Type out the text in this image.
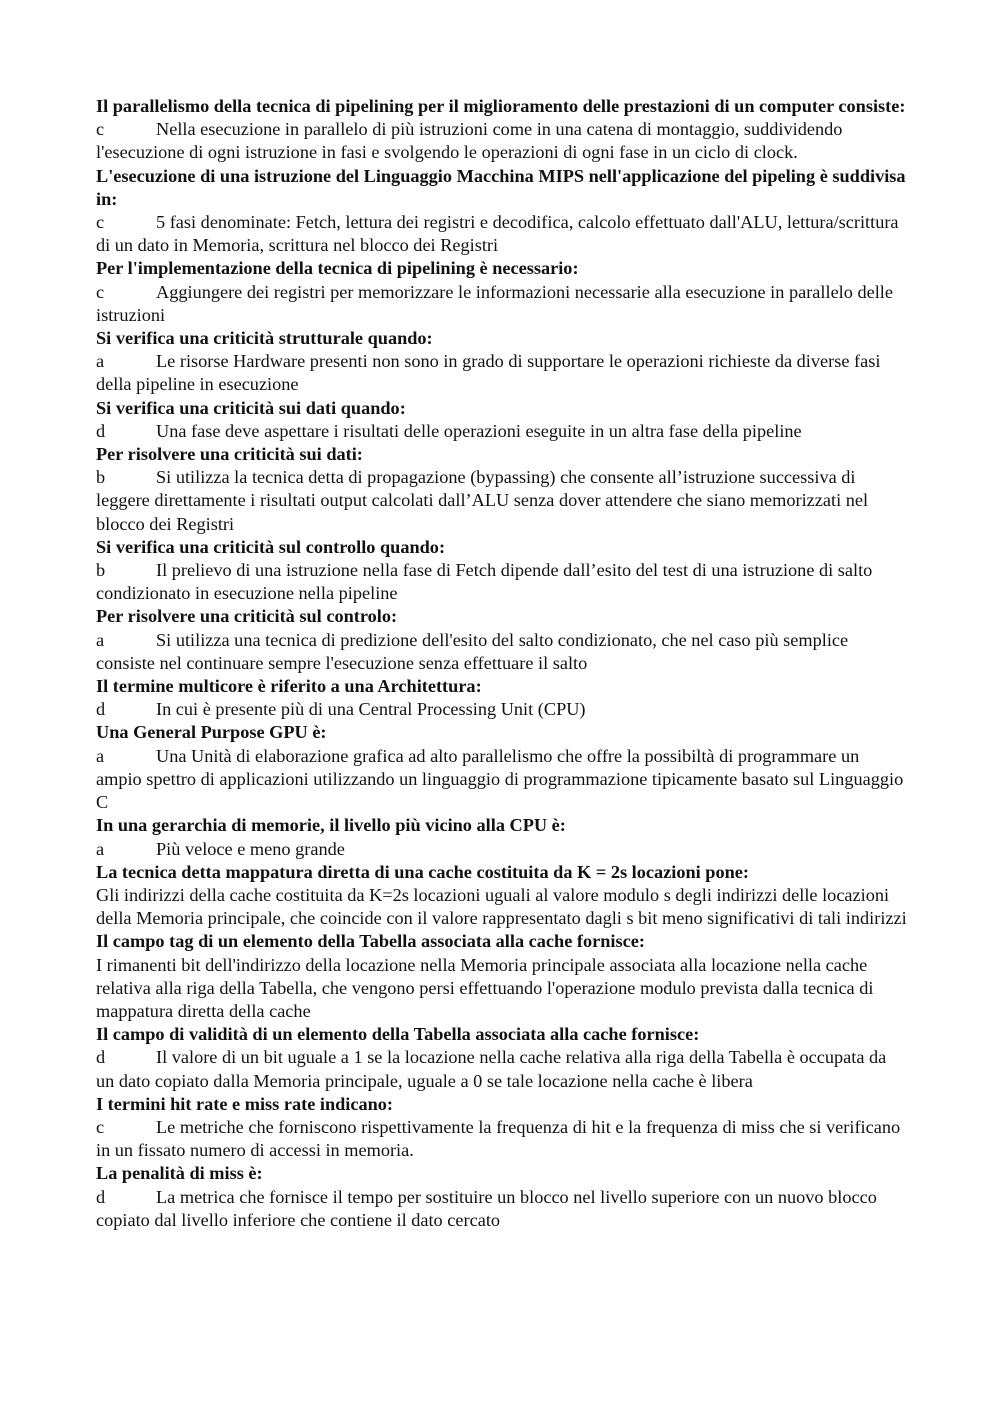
Il parallelismo della tecnica di pipelining per il miglioramento delle prestazioni di un computer consiste:

c	Nella esecuzione in parallelo di più istruzioni come in una catena di montaggio, suddividendo l'esecuzione di ogni istruzione in fasi e svolgendo le operazioni di ogni fase in un ciclo di clock.

L'esecuzione di una istruzione del Linguaggio Macchina MIPS nell'applicazione del pipeling è suddivisa in:

c	5 fasi denominate: Fetch, lettura dei registri e decodifica, calcolo effettuato dall'ALU, lettura/scrittura di un dato in Memoria, scrittura nel blocco dei Registri

Per l'implementazione della tecnica di pipelining è necessario:

c	Aggiungere dei registri per memorizzare le informazioni necessarie alla esecuzione in parallelo delle istruzioni

Si verifica una criticità strutturale quando:

a	Le risorse Hardware presenti non sono in grado di supportare le operazioni richieste da diverse fasi della pipeline in esecuzione

Si verifica una criticità sui dati quando:

d	Una fase deve aspettare i risultati delle operazioni eseguite in un altra fase della pipeline

Per risolvere una criticità sui dati:

b	Si utilizza la tecnica detta di propagazione (bypassing) che consente all’istruzione successiva di leggere direttamente i risultati output calcolati dall’ALU senza dover attendere che siano memorizzati nel blocco dei Registri

Si verifica una criticità sul controllo quando:

b	Il prelievo di una istruzione nella fase di Fetch dipende dall’esito del test di una istruzione di salto condizionato in esecuzione nella pipeline

Per risolvere una criticità sul controlo:

a	Si utilizza una tecnica di predizione dell'esito del salto condizionato, che nel caso più semplice consiste nel continuare sempre l'esecuzione senza effettuare il salto

Il termine multicore è riferito a una Architettura:

d	In cui è presente più di una Central Processing Unit (CPU)

Una General Purpose GPU è:

a	Una Unità di elaborazione grafica ad alto parallelismo che offre la possibiltà di programmare un ampio spettro di applicazioni utilizzando un linguaggio di programmazione tipicamente basato sul Linguaggio C

In una gerarchia di memorie, il livello più vicino alla CPU è:

a	Più veloce e meno grande

La tecnica detta mappatura diretta di una cache costituita da K = 2s locazioni pone:

Gli indirizzi della cache costituita da K=2s locazioni uguali al valore modulo s degli indirizzi delle locazioni della Memoria principale, che coincide con il valore rappresentato dagli s bit meno significativi di tali indirizzi

Il campo tag di un elemento della Tabella associata alla cache fornisce:

I rimanenti bit dell'indirizzo della locazione nella Memoria principale associata alla locazione nella cache relativa alla riga della Tabella, che vengono persi effettuando l'operazione modulo prevista dalla tecnica di mappatura diretta della cache

Il campo di validità di un elemento della Tabella associata alla cache fornisce:

d	Il valore di un bit uguale a 1 se la locazione nella cache relativa alla riga della Tabella è occupata da un dato copiato dalla Memoria principale, uguale a 0 se tale locazione nella cache è libera

I termini hit rate e miss rate indicano:

c	Le metriche che forniscono rispettivamente la frequenza di hit e la frequenza di miss che si verificano in un fissato numero di accessi in memoria.

La penalità di miss è:

d	La metrica che fornisce il tempo per sostituire un blocco nel livello superiore con un nuovo blocco copiato dal livello inferiore che contiene il dato cercato
